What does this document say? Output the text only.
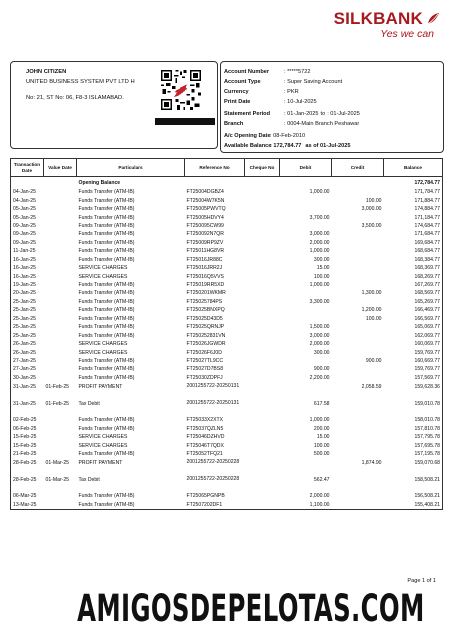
SILKBANK
Yes we can
JOHN CITIZEN
UNITED BUSINESS SYSTEM PVT LTD H
No: 21, ST No: 06, F8-3 ISLAMABAD.
Account Number	: *****5722
Account Type	: Super Saving Account
Currency	: PKR
Print Date	: 10-Jul-2025
Statement Period : 01-Jan-2025 to : 01-Jul-2025
Branch	: 0004-Main Branch Peshawar
A/c Opening Date: 08-Feb-2010
Available Balance: 172,784.77 as of 01-Jul-2025
Transaction Date	Value Date	Particulars	Reference No	Cheque No	Debit	Credit	Balance
		Opening Balance					172,784.77
04-Jan-25		Funds Transfer (ATM-IB)	FT25004DGBZ4		1,000.00		171,784.77
04-Jan-25		Funds Transfer (ATM-IB)	FT25004W7K5N			100.00	171,884.77
05-Jan-25		Funds Transfer (ATM-IB)	FT25005PWVTQ			3,000.00	174,884.77
05-Jan-25		Funds Transfer (ATM-IB)	FT25005HDVY4		3,700.00		171,184.77
09-Jan-25		Funds Transfer (ATM-IB)	FT250095CW99			3,500.00	174,684.77
09-Jan-25		Funds Transfer (ATM-IB)	FT250092N7QR		3,000.00		171,684.77
09-Jan-25		Funds Transfer (ATM-IB)	FT25009RP9ZV		2,000.00		169,684.77
11-Jan-25		Funds Transfer (ATM-IB)	FT25011HG8VR		1,000.00		168,684.77
16-Jan-25		Funds Transfer (ATM-IB)	FT25016JR88C		300.00		168,384.77
16-Jan-25		SERVICE CHARGES	FT25016JRR2J		15.00		168,369.77
16-Jan-25		SERVICE CHARGES	FT25016Q5VVS		100.00		168,269.77
19-Jan-25		Funds Transfer (ATM-IB)	FT25019RR5XD		1,000.00		167,269.77
20-Jan-25		Funds Transfer (ATM-IB)	FT250201WKMR			1,300.00	168,569.77
25-Jan-25		Funds Transfer (ATM-IB)	FT25025784PS		3,300.00		165,269.77
25-Jan-25		Funds Transfer (ATM-IB)	FT25025BNXPQ			1,200.00	166,469.77
25-Jan-25		Funds Transfer (ATM-IB)	FT25025D43D5			100.00	166,569.77
25-Jan-25		Funds Transfer (ATM-IB)	FT25025QRNJP		1,500.00		165,069.77
25-Jan-25		Funds Transfer (ATM-IB)	FT250252831VN		3,000.00		162,069.77
26-Jan-25		SERVICE CHARGES	FT25026JGWDR		2,000.00		160,069.77
26-Jan-25		SERVICE CHARGES	FT25026F6J0D		300.00		159,769.77
27-Jan-25		Funds Transfer (ATM-IB)	FT25027TL9CC			900.00	160,669.77
27-Jan-25		Funds Transfer (ATM-IB)	FT25027D7BS8		900.00		159,769.77
30-Jan-25		Funds Transfer (ATM-IB)	FT25030ZDPFJ		2,200.00		157,569.77
31-Jan-25	01-Feb-25	PROFIT PAYMENT	2001255722-20250131			2,058.59	159,628.36
31-Jan-25	01-Feb-25	Tax Debit	2001255722-20250131		617.58		159,010.78
02-Feb-25		Funds Transfer (ATM-IB)	FT25033X2XTX		1,000.00		158,010.78
06-Feb-25		Funds Transfer (ATM-IB)	FT25037QZLN5		200.00		157,810.78
15-Feb-25		SERVICE CHARGES	FT25046DZHVD		15.00		157,795.78
15-Feb-25		SERVICE CHARGES	FT25046T7QDX		100.00		157,695.78
21-Feb-25		Funds Transfer (ATM-IB)	FT25052TFQ21		500.00		157,195.78
28-Feb-25	01-Mar-25	PROFIT PAYMENT	2001255722-20250228			1,874.90	159,070.68
28-Feb-25	01-Mar-25	Tax Debit	2001255722-20250228		562.47		158,508.21
06-Mar-25		Funds Transfer (ATM-IB)	FT25065PGNPB		2,000.00		156,508.21
13-Mar-25		Funds Transfer (ATM-IB)	FT2507202DF1		1,100.00		155,408.21
Page 1 of 1
AMIGOSDEPELOTAS.COM
